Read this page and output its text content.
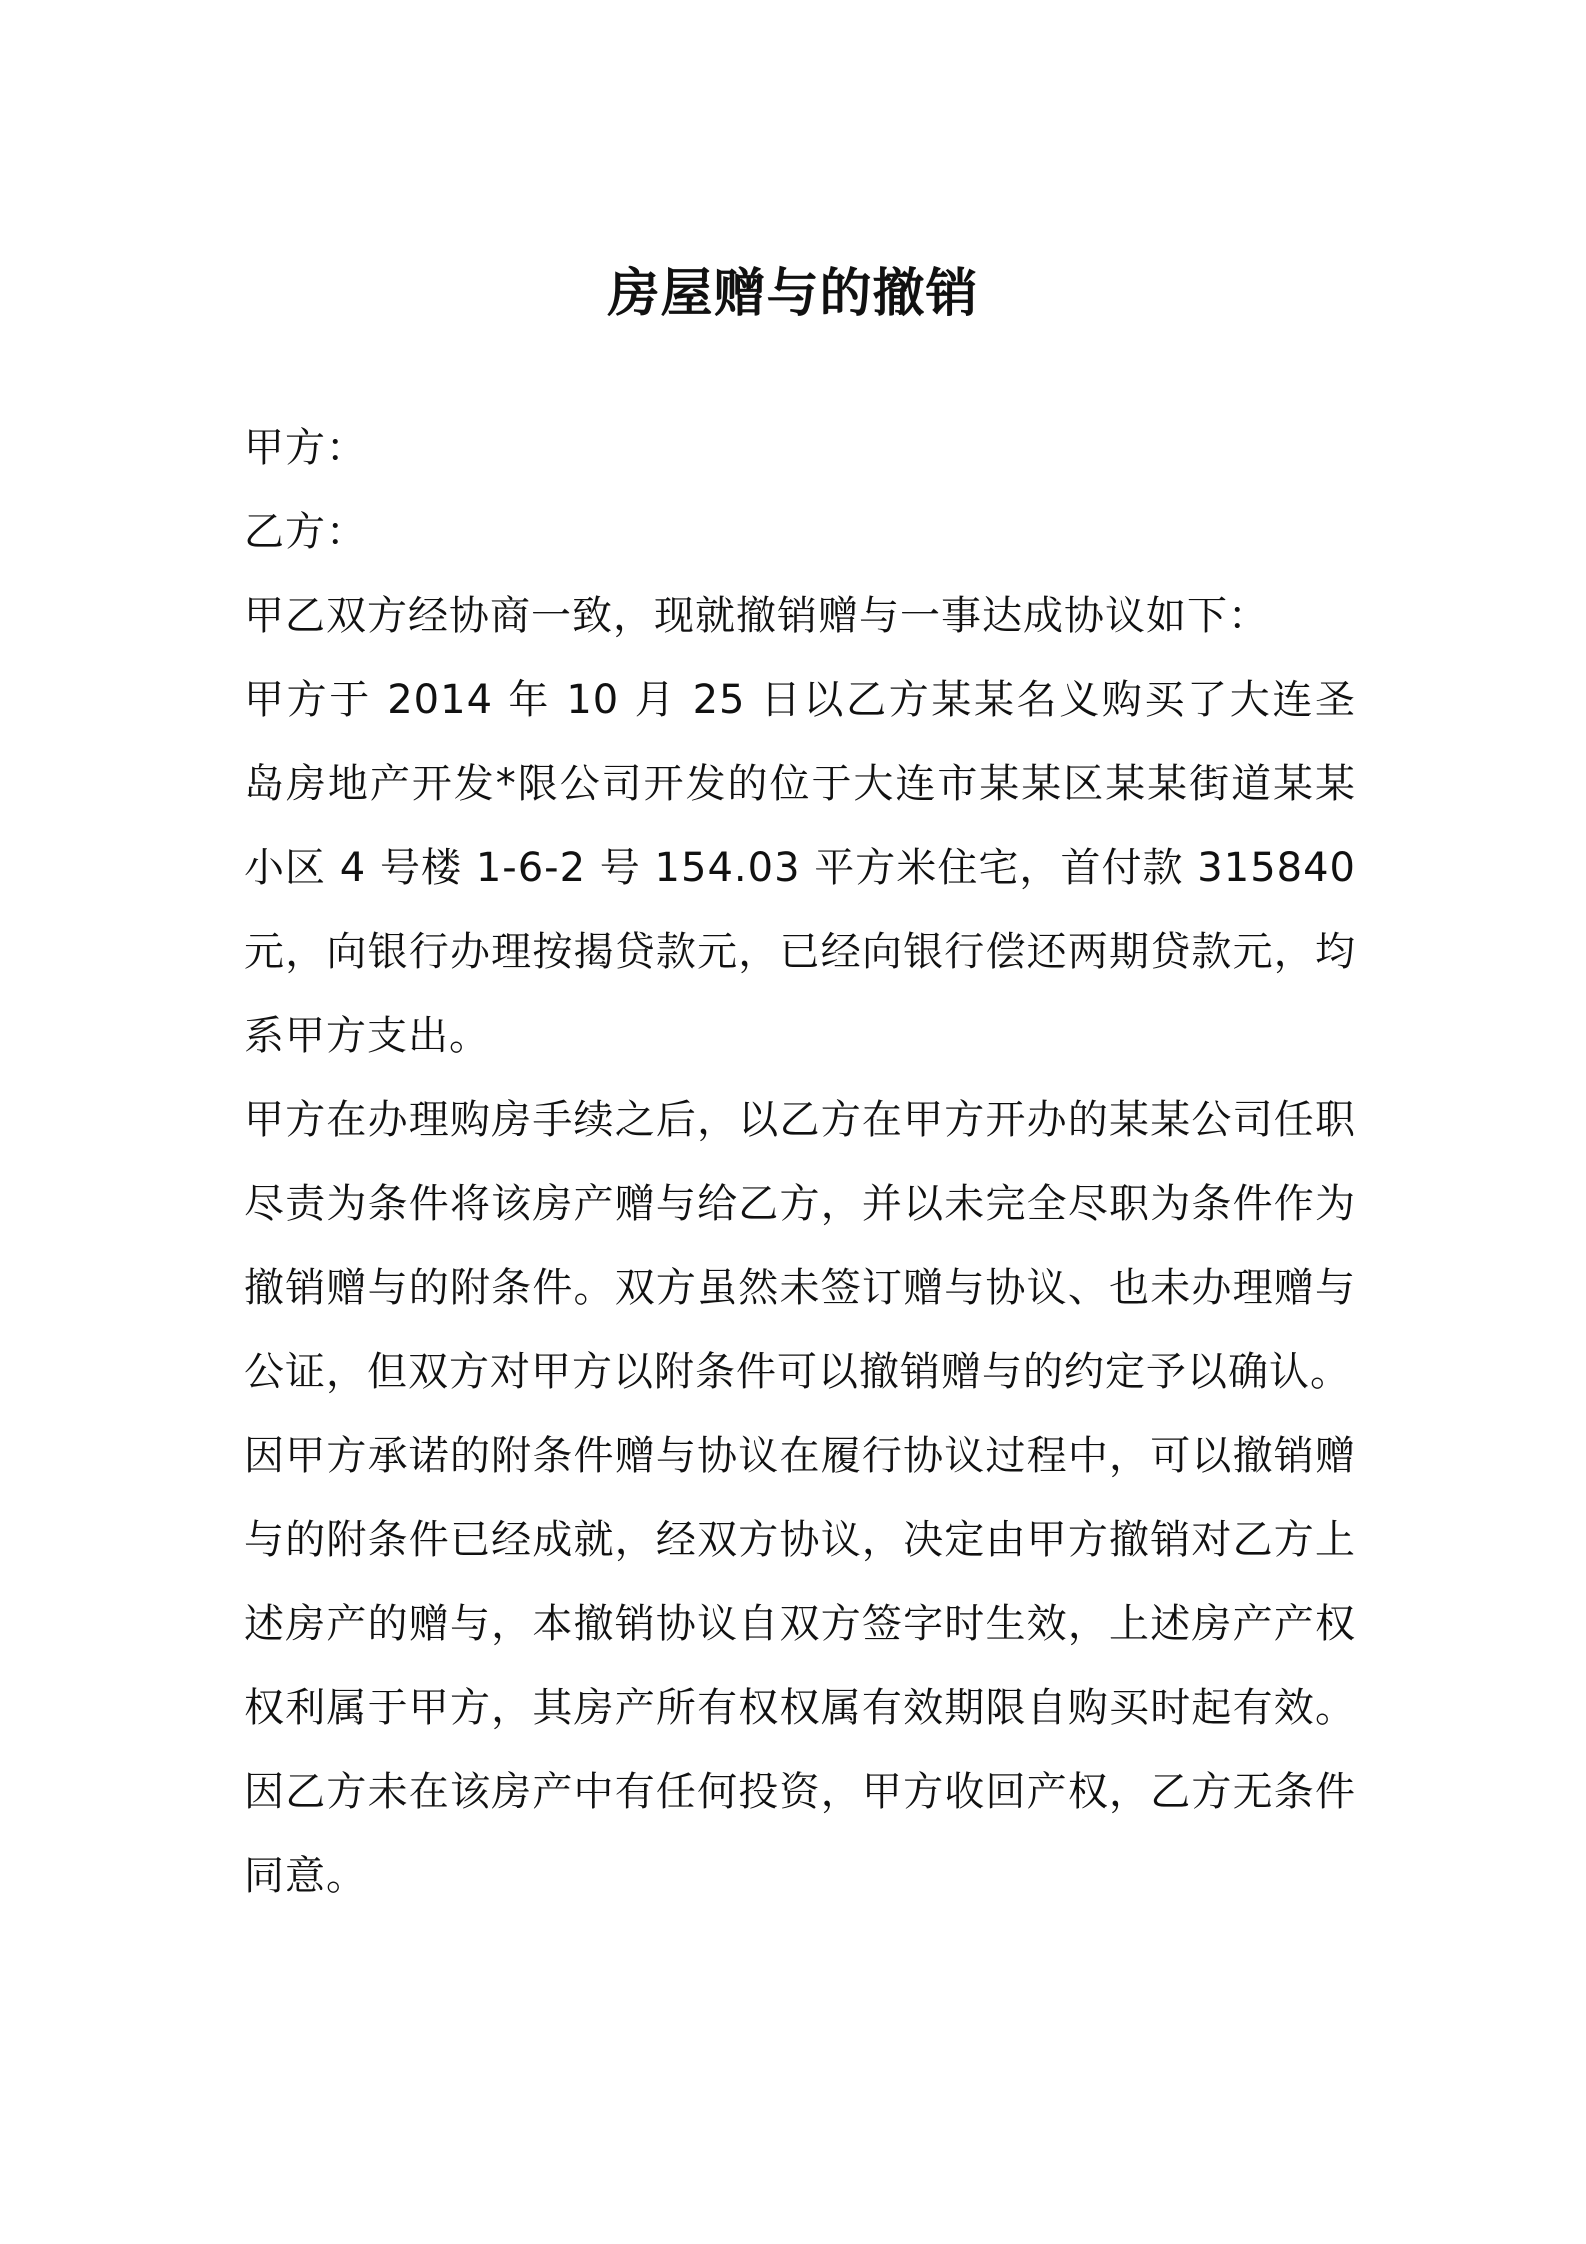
房屋赠与的撤销

甲方：

乙方：

甲乙双方经协商一致，现就撤销赠与一事达成协议如下：

甲方于 2014 年 10 月 25 日以乙方某某名义购买了大连圣岛房地产开发*限公司开发的位于大连市某某区某某街道某某小区 4 号楼 1-6-2 号 154.03 平方米住宅，首付款 315840 元，向银行办理按揭贷款元，已经向银行偿还两期贷款元，均系甲方支出。

甲方在办理购房手续之后，以乙方在甲方开办的某某公司任职尽责为条件将该房产赠与给乙方，并以未完全尽职为条件作为撤销赠与的附条件。双方虽然未签订赠与协议、也未办理赠与公证，但双方对甲方以附条件可以撤销赠与的约定予以确认。

因甲方承诺的附条件赠与协议在履行协议过程中，可以撤销赠与的附条件已经成就，经双方协议，决定由甲方撤销对乙方上述房产的赠与，本撤销协议自双方签字时生效，上述房产产权权利属于甲方，其房产所有权权属有效期限自购买时起有效。因乙方未在该房产中有任何投资，甲方收回产权，乙方无条件同意。
